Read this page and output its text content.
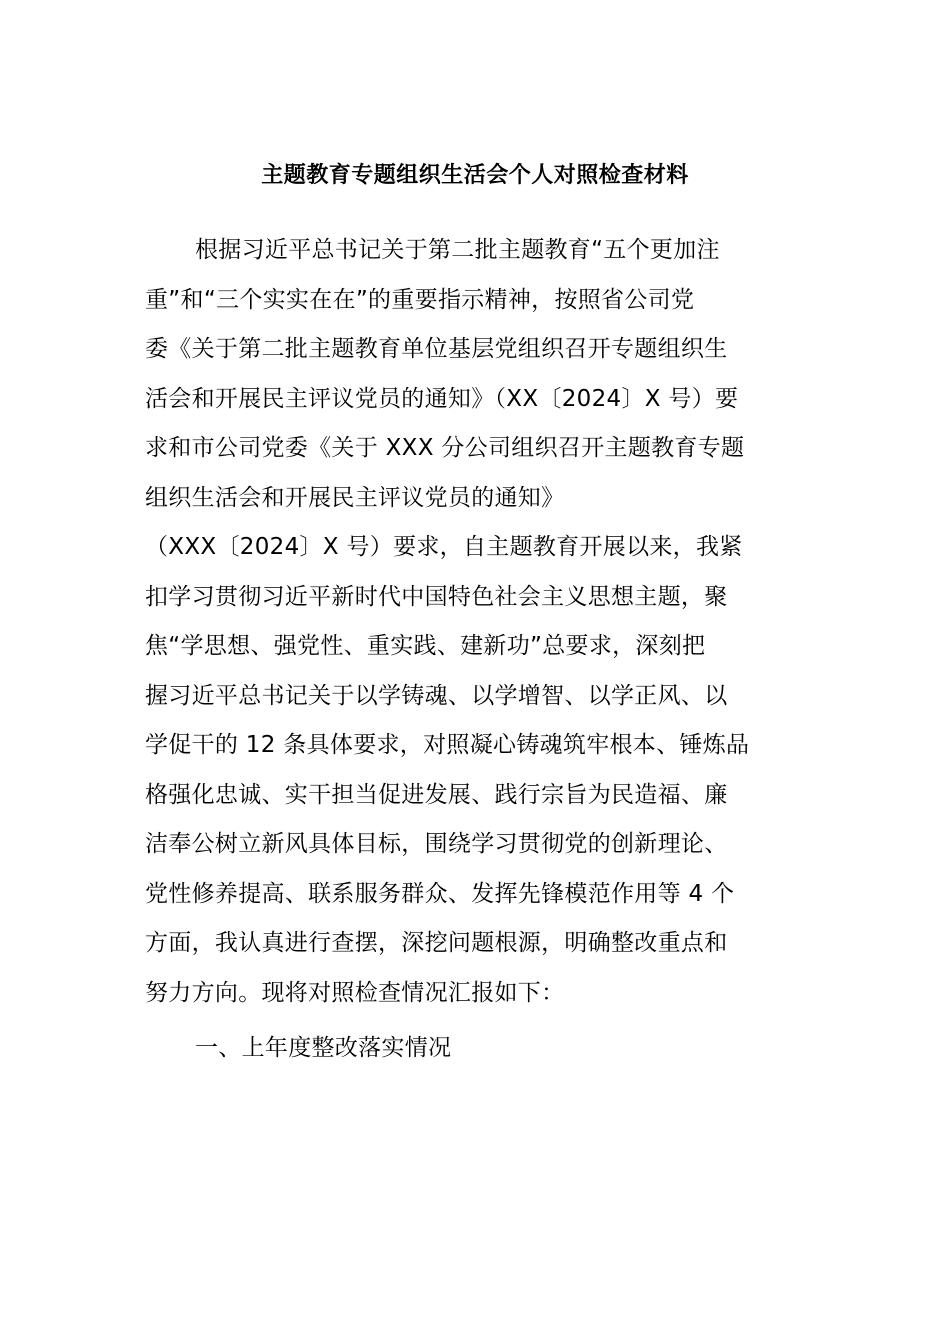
主题教育专题组织生活会个人对照检查材料
根据习近平总书记关于第二批主题教育“五个更加注
重”和“三个实实在在”的重要指示精神，按照省公司党
委《关于第二批主题教育单位基层党组织召开专题组织生
活会和开展民主评议党员的通知》（XX〔2024〕X 号）要
求和市公司党委《关于 XXX 分公司组织召开主题教育专题
组织生活会和开展民主评议党员的通知》
（XXX〔2024〕X 号）要求，自主题教育开展以来，我紧
扣学习贯彻习近平新时代中国特色社会主义思想主题，聚
焦“学思想、强党性、重实践、建新功”总要求，深刻把
握习近平总书记关于以学铸魂、以学增智、以学正风、以
学促干的 12 条具体要求，对照凝心铸魂筑牢根本、锤炼品
格强化忠诚、实干担当促进发展、践行宗旨为民造福、廉
洁奉公树立新风具体目标，围绕学习贯彻党的创新理论、
党性修养提高、联系服务群众、发挥先锋模范作用等 4 个
方面，我认真进行查摆，深挖问题根源，明确整改重点和
努力方向。现将对照检查情况汇报如下：
一、上年度整改落实情况
